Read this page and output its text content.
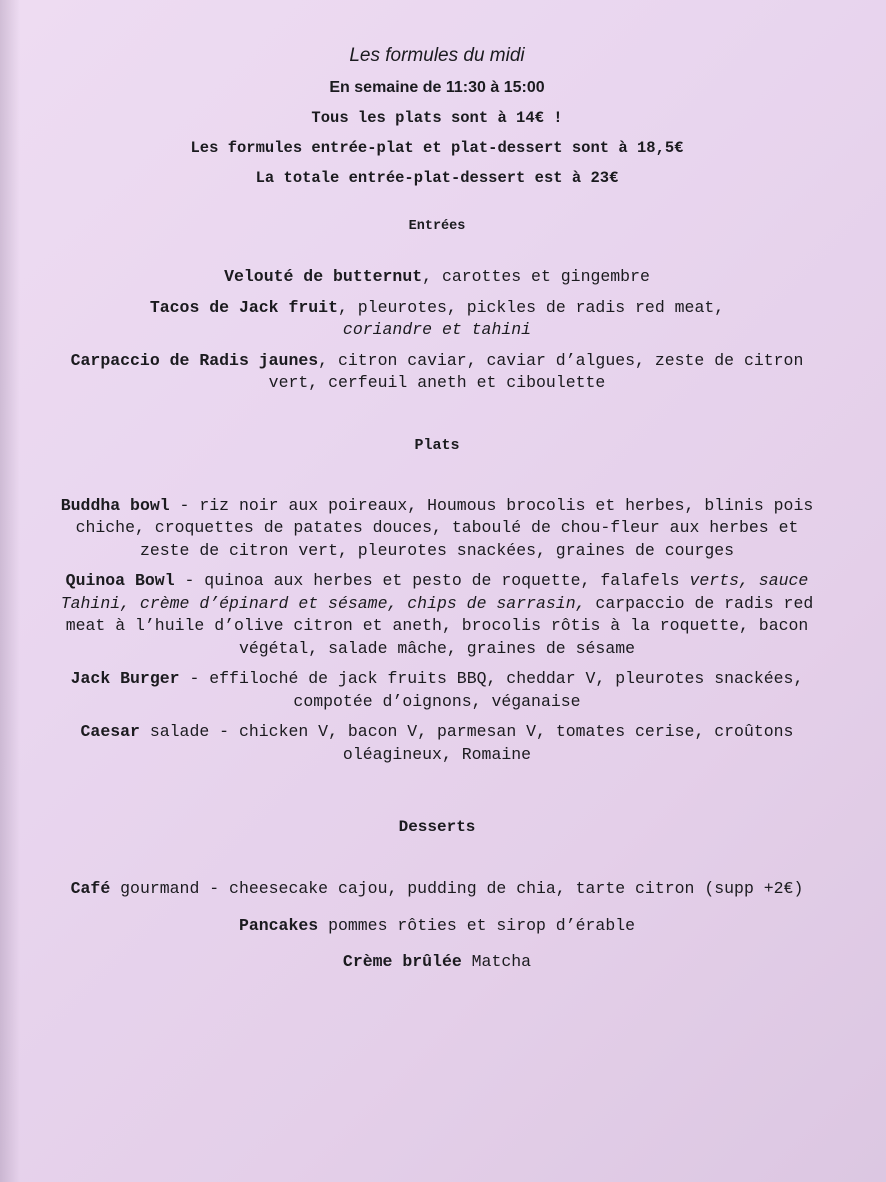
Les formules du midi

En semaine de 11:30 à 15:00

Tous les plats sont à 14€ !

Les formules entrée-plat et plat-dessert sont à 18,5€

La totale entrée-plat-dessert est à 23€

Entrées

Velouté de butternut, carottes et gingembre

Tacos de Jack fruit, pleurotes, pickles de radis red meat,
coriandre et tahini

Carpaccio de Radis jaunes, citron caviar, caviar d’algues, zeste de citron vert, cerfeuil aneth et ciboulette

Plats

Buddha bowl - riz noir aux poireaux, Houmous brocolis et herbes, blinis pois chiche, croquettes de patates douces, taboulé de chou-fleur aux herbes et zeste de citron vert, pleurotes snackées, graines de courges

Quinoa Bowl - quinoa aux herbes et pesto de roquette, falafels verts, sauce Tahini, crème d’épinard et sésame, chips de sarrasin, carpaccio de radis red meat à l’huile d’olive citron et aneth, brocolis rôtis à la roquette, bacon végétal, salade mâche, graines de sésame

Jack Burger - effiloché de jack fruits BBQ, cheddar V, pleurotes snackées, compotée d’oignons, véganaise

Caesar salade - chicken V, bacon V, parmesan V, tomates cerise, croûtons oléagineux, Romaine

Desserts

Café gourmand - cheesecake cajou, pudding de chia, tarte citron (supp +2€)

Pancakes pommes rôties et sirop d’érable

Crème brûlée Matcha
